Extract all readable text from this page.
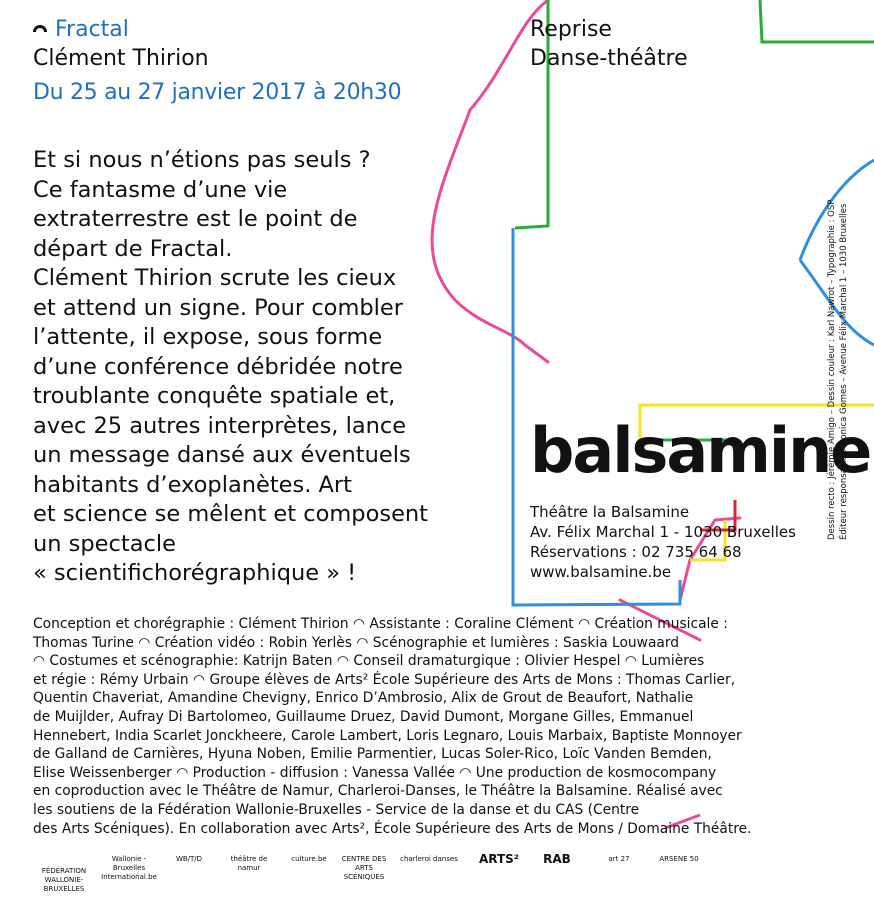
Fractal
Clément Thirion
Du 25 au 27 janvier 2017 à 20h30
Reprise
Danse-théâtre
Et si nous n’étions pas seuls ?
Ce fantasme d’une vie
extraterrestre est le point de
départ de Fractal.
Clément Thirion scrute les cieux
et attend un signe. Pour combler
l’attente, il expose, sous forme
d’une conférence débridée notre
troublante conquête spatiale et,
avec 25 autres interprètes, lance
un message dansé aux éventuels
habitants d’exoplanètes. Art
et science se mêlent et composent
un spectacle
« scientifichorégraphique » !
balsamine
Théâtre la Balsamine
Av. Félix Marchal 1 - 1030 Bruxelles
Réservations : 02 735 64 68
www.balsamine.be
Dessin recto : Jérémie Amigo – Dessin couleur : Karl Nawrot – Typographie : OSP Éditeur responsable : Monica Gomes – Avenue Félix Marchal 1 – 1030 Bruxelles
Conception et chorégraphie : Clément Thirion ◠ Assistante : Coraline Clément ◠ Création musicale :
Thomas Turine ◠ Création vidéo : Robin Yerlès ◠ Scénographie et lumières : Saskia Louwaard
◠ Costumes et scénographie: Katrijn Baten ◠ Conseil dramaturgique : Olivier Hespel ◠ Lumières
et régie : Rémy Urbain ◠ Groupe élèves de Arts² École Supérieure des Arts de Mons : Thomas Carlier,
Quentin Chaveriat, Amandine Chevigny, Enrico D’Ambrosio, Alix de Grout de Beaufort, Nathalie
de Muijlder, Aufray Di Bartolomeo, Guillaume Druez, David Dumont, Morgane Gilles, Emmanuel
Hennebert, India Scarlet Jonckheere, Carole Lambert, Loris Legnaro, Louis Marbaix, Baptiste Monnoyer
de Galland de Carnières, Hyuna Noben, Emilie Parmentier, Lucas Soler-Rico, Loïc Vanden Bemden,
Elise Weissenberger ◠ Production - diffusion : Vanessa Vallée ◠ Une production de kosmocompany
en coproduction avec le Théâtre de Namur, Charleroi-Danses, le Théâtre la Balsamine. Réalisé avec
les soutiens de la Fédération Wallonie-Bruxelles - Service de la danse et du CAS (Centre
des Arts Scéniques). En collaboration avec Arts², École Supérieure des Arts de Mons / Domaine Théâtre.
FÉDÉRATION WALLONIE-BRUXELLES
Wallonie - Bruxelles International.be
WB/T/D	théâtre de namur
culture.be	CENTRE DES ARTS SCÉNIQUES
charleroi danses	ARTS²	RAB	art 27	ARSENE 50
